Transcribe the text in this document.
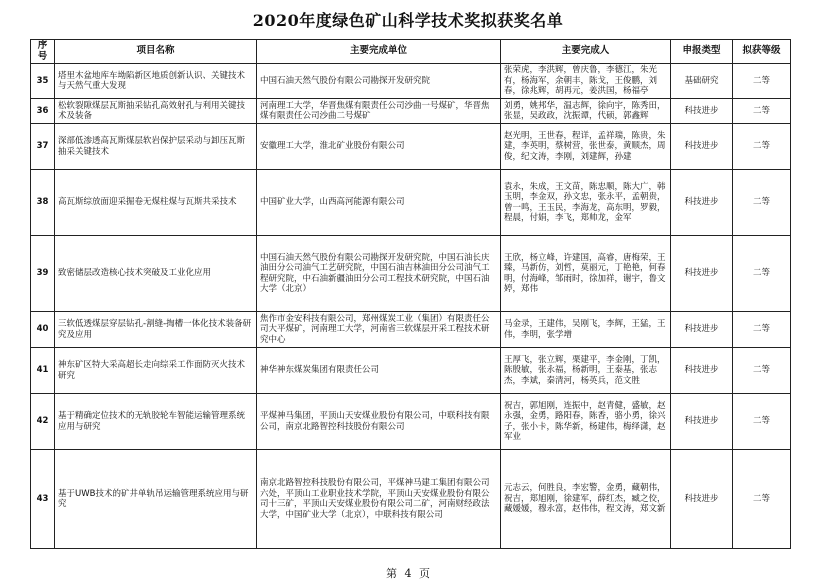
2020年度绿色矿山科学技术奖拟获奖名单
序号	项目名称	主要完成单位	主要完成人	申报类型	拟获等级
35	塔里木盆地库车坳陷新区地质创新认识、关键技术与天然气重大发现	中国石油天然气股份有限公司勘探开发研究院	张荣虎，李洪辉，曾庆鲁，李德江，朱光有，杨海军，余朝丰，陈戈，王俊鹏，刘春，徐兆辉，胡再元，姜洪国，杨福亭	基础研究	二等
36	松软裂隙煤层瓦斯抽采钻孔高效射孔与利用关键技术及装备	河南理工大学，华晋焦煤有限责任公司沙曲一号煤矿，华晋焦煤有限责任公司沙曲二号煤矿	刘勇，姚邦华，温志辉，徐向宇，陈秀田，张显，吴政政，沈振谭，代硕，郭鑫辉	科技进步	二等
37	深部低渗透高瓦斯煤层软岩保护层采动与卸压瓦斯抽采关键技术	安徽理工大学，淮北矿业股份有限公司	赵光明，王世春，程详，孟祥瑞，陈贵，朱建，李英明，蔡树营，张世泰，黄顺杰，周俊，纪文涛，李刚，刘建辉，孙建	科技进步	二等
38	高瓦斯综放面迎采掘卷无煤柱煤与瓦斯共采技术	中国矿业大学，山西高河能源有限公司	袁永，朱成，王文苗，陈忠顺，陈大广，韩玉明，李金双，孙文忠，张永平，孟朝贵，曾一鸣，王玉民，李海龙，高东明，罗毅，程晨，付娟，李飞，郑帅龙，金军	科技进步	二等
39	致密储层改造核心技术突破及工业化应用	中国石油天然气股份有限公司勘探开发研究院，中国石油长庆油田分公司油气工艺研究院，中国石油吉林油田分公司油气工程研究院，中石油新疆油田分公司工程技术研究院，中国石油大学（北京）	王欣，杨立峰，许建国，高睿，唐梅荣，王臻，马新仿，刘哲，莫丽元，丁艳艳，何春明，付海峰，邹雨时，徐加祥，谢宇，鲁文婷，郑伟	科技进步	二等
40	三软低透煤层穿层钻孔-割缝-掏槽一体化技术装备研究及应用	焦作市金安科技有限公司，郑州煤炭工业（集团）有限责任公司大平煤矿，河南理工大学，河南省三软煤层开采工程技术研究中心	马金录，王建伟，吴刚飞，李辉，王猛，王伟，李明，张学增	科技进步	二等
41	神东矿区特大采高超长走向综采工作面防灭火技术研究	神华神东煤炭集团有限责任公司	王厚飞，张立辉，栗建平，李金刚，丁凯，陈殷敏，张永福，杨新明，王泰基，张志杰，李斌，秦清河，杨英兵，范文胜	科技进步	二等
42	基于精确定位技术的无轨胶轮车智能运输管理系统应用与研究	平煤神马集团，平顶山天安煤业股份有限公司，中联科技有限公司，南京北路智控科技股份有限公司	祝吉，郭旭刚，连振中，赵青健，盛敏，赵永强，金勇，路阳春，陈香，骆小勇，徐兴子，张小卡，陈华新，杨建伟，梅绎潇，赵军业	科技进步	二等
43	基于UWB技术的矿井单轨吊运输管理系统应用与研究	南京北路智控科技股份有限公司，平煤神马建工集团有限公司六处，平顶山工业职业技术学院，平顶山天安煤业股份有限公司十三矿，平顶山天安煤业股份有限公司二矿，河南财经政法大学，中国矿业大学（北京），中联科技有限公司	元志云，何胜良，李宏警，金勇，藏朝伟，祝吉，郑旭刚，徐建军，薛红杰，臧之佼，藏媛媛，穆永富，赵伟伟，程文涛，郑文新	科技进步	二等
第 4 页
